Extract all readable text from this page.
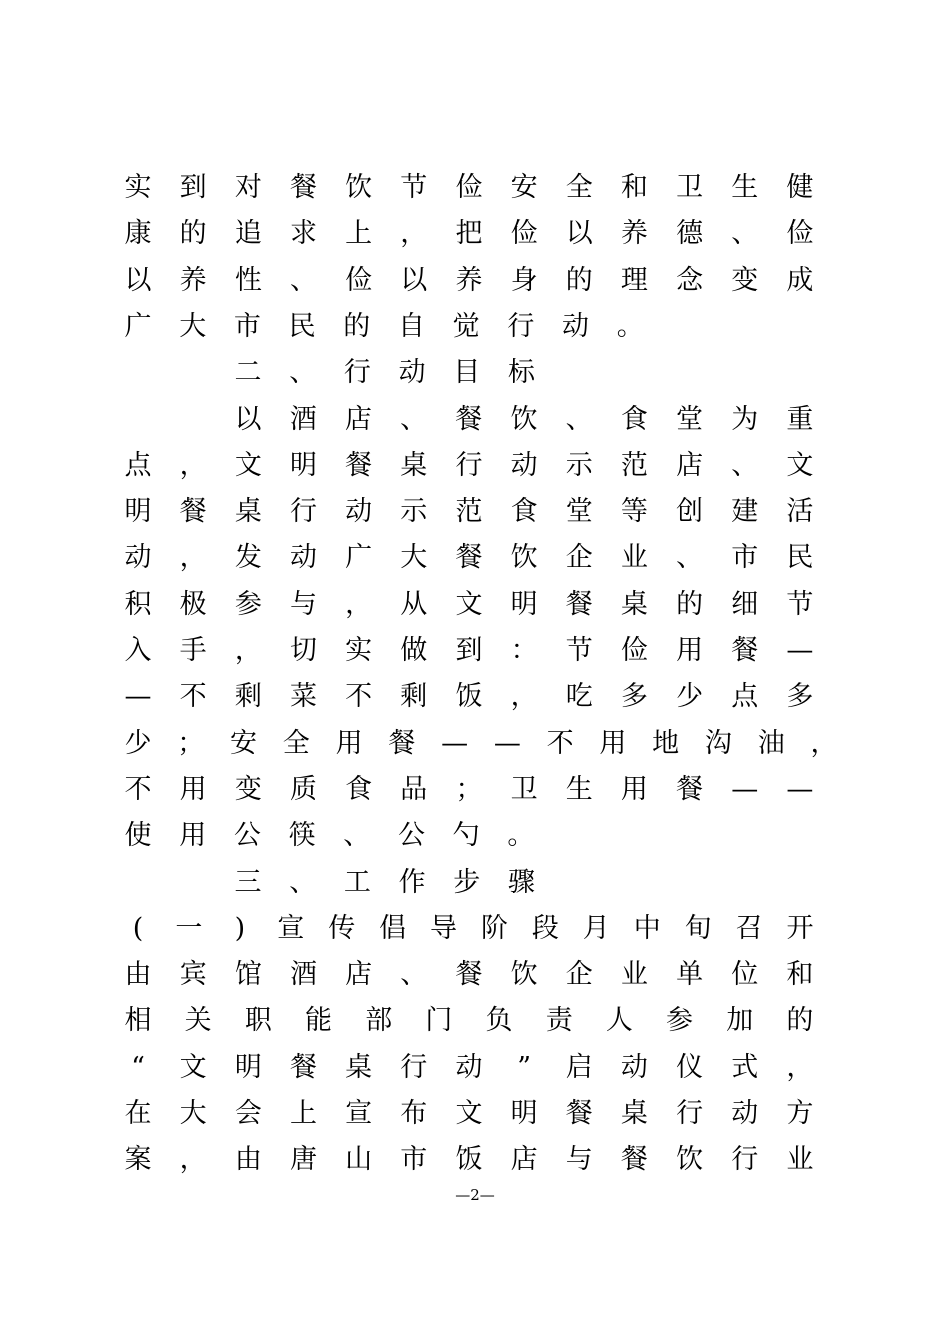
实 到 对 餐 饮 节 俭 安 全 和 卫 生 健
康 的 追 求 上 ， 把 俭 以 养 德 、 俭
以 养 性 、 俭 以 养 身 的 理 念 变 成
广 大 市 民 的 自 觉 行 动 。
二 、 行 动 目 标
以 酒 店 、 餐 饮 、 食 堂 为 重
点 ， 文 明 餐 桌 行 动 示 范 店 、 文
明 餐 桌 行 动 示 范 食 堂 等 创 建 活
动 ， 发 动 广 大 餐 饮 企 业 、 市 民
积 极 参 与 ， 从 文 明 餐 桌 的 细 节
入 手 ， 切 实 做 到 ： 节 俭 用 餐 —
— 不 剩 菜 不 剩 饭 ， 吃 多 少 点 多
少 ； 安 全 用 餐 — — 不 用 地 沟 油 ，
不 用 变 质 食 品 ； 卫 生 用 餐 — —
使 用 公 筷 、 公 勺 。
三 、 工 作 步 骤
(	一	)	宣 传 倡 导 阶 段 月 中 旬 召 开
由 宾 馆 酒 店 、 餐 饮 企 业 单 位 和
相 关 职 能 部 门 负 责 人 参 加 的
“ 文 明 餐 桌 行 动 ” 启 动 仪 式 ，
在 大 会 上 宣 布 文 明 餐 桌 行 动 方
案 ， 由 唐 山 市 饭 店 与 餐 饮 行 业
—2—
